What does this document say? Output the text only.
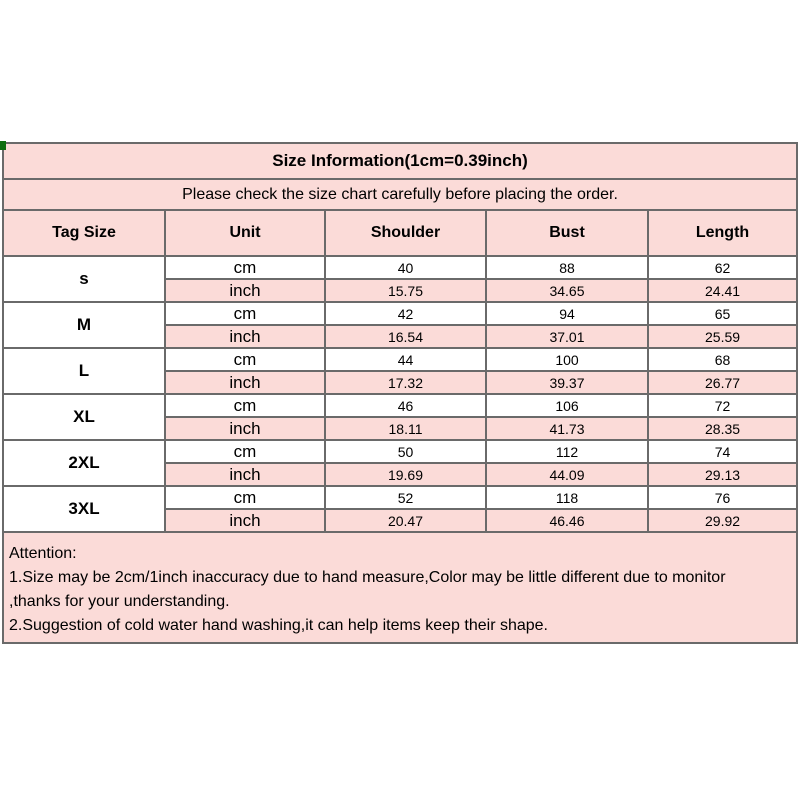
Size Information(1cm=0.39inch)				
Please check the size chart carefully before placing the order.				
Tag Size	Unit	Shoulder	Bust	Length
s	cm	40	88	62
	inch	15.75	34.65	24.41
M	cm	42	94	65
	inch	16.54	37.01	25.59
L	cm	44	100	68
	inch	17.32	39.37	26.77
XL	cm	46	106	72
	inch	18.11	41.73	28.35
2XL	cm	50	112	74
	inch	19.69	44.09	29.13
3XL	cm	52	118	76
	inch	20.47	46.46	29.92

Attention:
1.Size may be 2cm/1inch inaccuracy due to hand measure,Color may be little different due to monitor
,thanks for your understanding.
2.Suggestion of cold water hand washing,it can help items keep their shape.				
